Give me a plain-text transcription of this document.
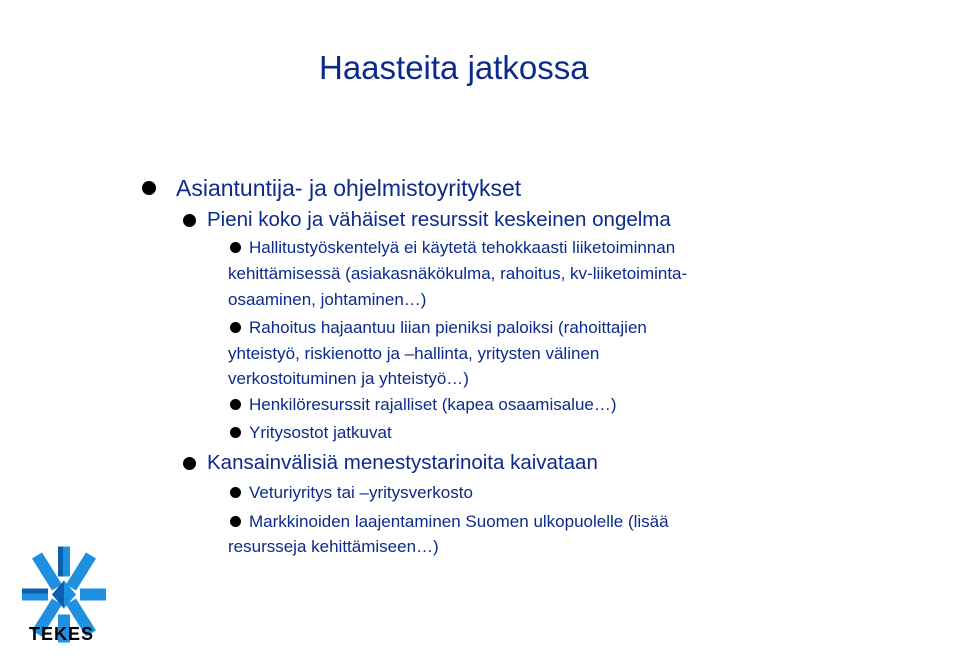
Haasteita jatkossa
Asiantuntija- ja ohjelmistoyritykset
Pieni koko ja vähäiset resurssit keskeinen ongelma
Hallitustyöskentelyä ei käytetä tehokkaasti liiketoiminnan
kehittämisessä (asiakasnäkökulma, rahoitus, kv-liiketoiminta-
osaaminen, johtaminen…)
Rahoitus hajaantuu liian pieniksi paloiksi (rahoittajien
yhteistyö, riskienotto ja –hallinta, yritysten välinen
verkostoituminen ja yhteistyö…)
Henkilöresurssit rajalliset (kapea osaamisalue…)
Yritysostot jatkuvat
Kansainvälisiä menestystarinoita kaivataan
Veturiyritys tai –yritysverkosto
Markkinoiden laajentaminen Suomen ulkopuolelle (lisää
resursseja kehittämiseen…)
TEKES
